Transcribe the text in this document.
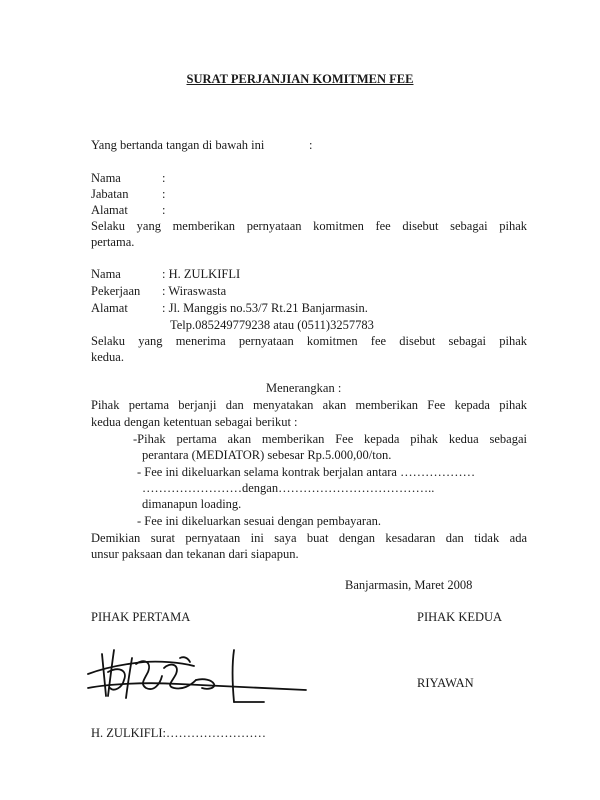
SURAT PERJANJIAN KOMITMEN FEE
Yang bertanda tangan di bawah ini	:
Nama	:
Jabatan	:
Alamat	:
Selaku yang memberikan pernyataan komitmen fee disebut sebagai pihak
pertama.
Nama	: H. ZULKIFLI
Pekerjaan : Wiraswasta
Alamat	: Jl. Manggis no.53/7 Rt.21 Banjarmasin.
Telp.085249779238 atau (0511)3257783
Selaku yang menerima pernyataan komitmen fee disebut sebagai pihak
kedua.
Menerangkan :
Pihak pertama berjanji dan menyatakan akan memberikan Fee kepada pihak
kedua dengan ketentuan sebagai berikut :
-Pihak pertama akan memberikan Fee kepada pihak kedua sebagai
perantara (MEDIATOR) sebesar Rp.5.000,00/ton.
- Fee ini dikeluarkan selama kontrak berjalan antara ………………
……………………dengan………………………………..
dimanapun loading.
- Fee ini dikeluarkan sesuai dengan pembayaran.
Demikian surat pernyataan ini saya buat dengan kesadaran dan tidak ada
unsur paksaan dan tekanan dari siapapun.
Banjarmasin, Maret 2008
PIHAK PERTAMA	PIHAK KEDUA
RIYAWAN
H. ZULKIFLI:……………………
